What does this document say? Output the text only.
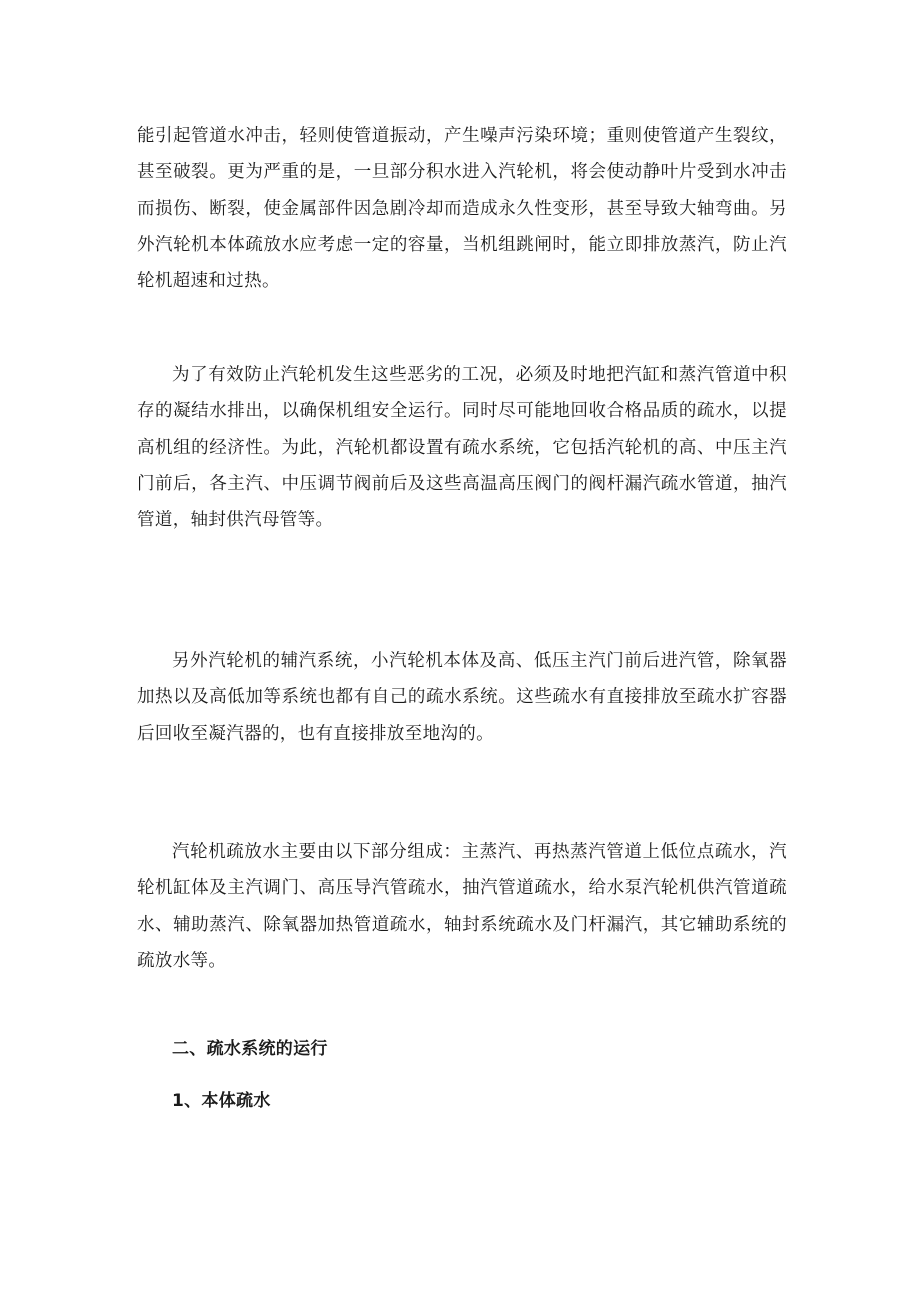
能引起管道水冲击，轻则使管道振动，产生噪声污染环境；重则使管道产生裂纹，甚至破裂。更为严重的是，一旦部分积水进入汽轮机，将会使动静叶片受到水冲击而损伤、断裂，使金属部件因急剧冷却而造成永久性变形，甚至导致大轴弯曲。另外汽轮机本体疏放水应考虑一定的容量，当机组跳闸时，能立即排放蒸汽，防止汽轮机超速和过热。

为了有效防止汽轮机发生这些恶劣的工况，必须及时地把汽缸和蒸汽管道中积存的凝结水排出，以确保机组安全运行。同时尽可能地回收合格品质的疏水，以提高机组的经济性。为此，汽轮机都设置有疏水系统，它包括汽轮机的高、中压主汽门前后，各主汽、中压调节阀前后及这些高温高压阀门的阀杆漏汽疏水管道，抽汽管道，轴封供汽母管等。

另外汽轮机的辅汽系统，小汽轮机本体及高、低压主汽门前后进汽管，除氧器加热以及高低加等系统也都有自己的疏水系统。这些疏水有直接排放至疏水扩容器后回收至凝汽器的，也有直接排放至地沟的。

汽轮机疏放水主要由以下部分组成：主蒸汽、再热蒸汽管道上低位点疏水，汽轮机缸体及主汽调门、高压导汽管疏水，抽汽管道疏水，给水泵汽轮机供汽管道疏水、辅助蒸汽、除氧器加热管道疏水，轴封系统疏水及门杆漏汽，其它辅助系统的疏放水等。

二、疏水系统的运行
1、本体疏水
